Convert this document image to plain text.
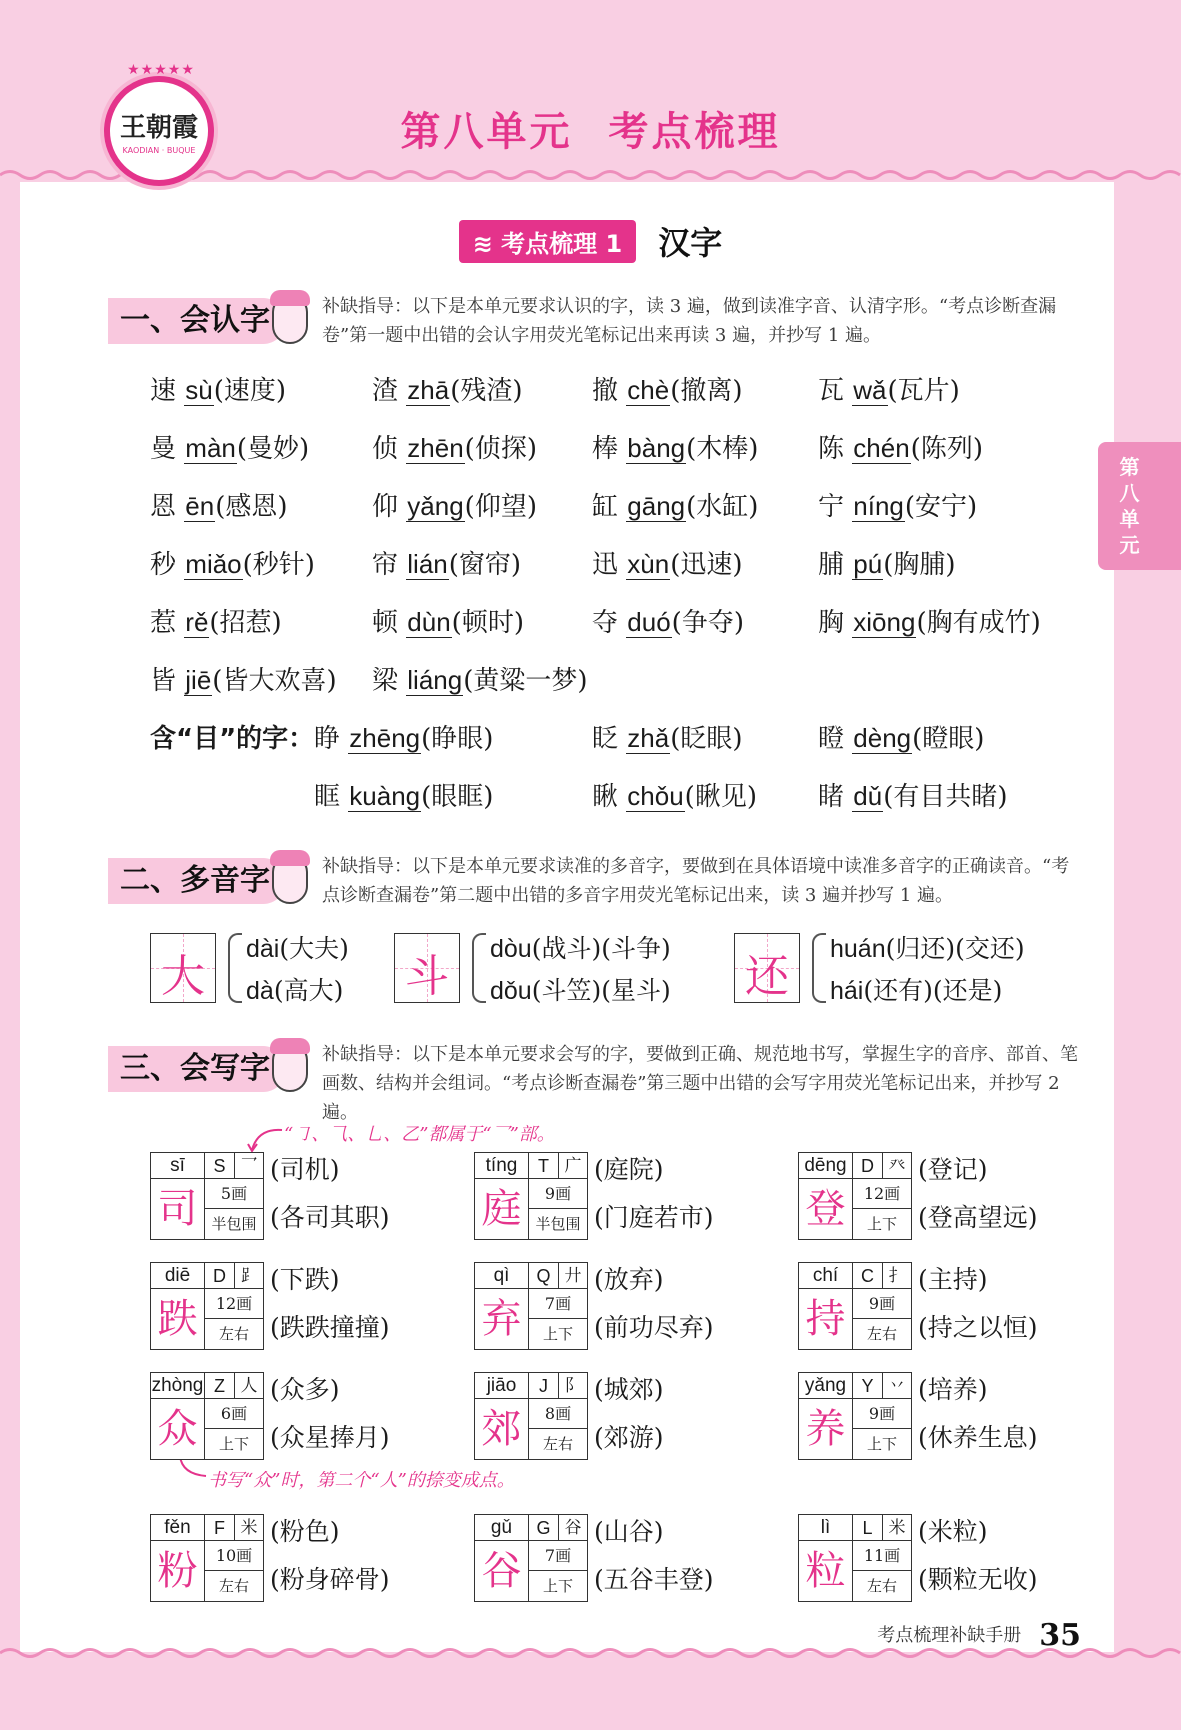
★★★★★
王朝霞
KAODIAN · BUQUE	第八单元 考点梳理
第
八
单
元
≋ 考点梳理 1 汉字
一、会认字	补缺指导：以下是本单元要求认识的字，读 3 遍，做到读准字音、认清字形。“考点诊断查漏卷”第一题中出错的会认字用荧光笔标记出来再读 3 遍，并抄写 1 遍。
速 sù(速度)	渣 zhā(残渣)	撤 chè(撤离)	瓦 wǎ(瓦片)
曼 màn(曼妙) 侦 zhēn(侦探) 棒 bàng(木棒) 陈 chén(陈列)
恩 ēn(感恩)	仰 yǎng(仰望) 缸 gāng(水缸) 宁 níng(安宁)
秒 miǎo(秒针) 帘 lián(窗帘)	迅 xùn(迅速)	脯 pú(胸脯)
惹 rě(招惹)	顿 dùn(顿时)	夺 duó(争夺)	胸 xiōng(胸有成竹)
皆 jiē(皆大欢喜) 梁 liáng(黄粱一梦)
含“目”的字： 睁 zhēng(睁眼)	眨 zhǎ(眨眼)	瞪 dèng(瞪眼)
眶 kuàng(眼眶)	瞅 chǒu(瞅见) 睹 dǔ(有目共睹)
二、多音字	补缺指导：以下是本单元要求读准的多音字，要做到在具体语境中读准多音字的正确读音。“考点诊断查漏卷”第二题中出错的多音字用荧光笔标记出来，读 3 遍并抄写 1 遍。
大
dài(大夫)
dà(高大) 斗
dòu(战斗)(斗争)
dǒu(斗笠)(星斗) 还
huán(归还)(交还)
hái(还有)(还是)
三、会写字	补缺指导：以下是本单元要求会写的字，要做到正确、规范地书写，掌握生字的音序、部首、笔画数、结构并会组词。“考点诊断查漏卷”第三题中出错的会写字用荧光笔标记出来，并抄写 2 遍。
“㇆、⺄、乚、乙”都属于“乛”部。
书写“众”时，第二个“人”的捺变成点。
sī	S 乛
司	5画
半包围
(司机)
(各司其职)
tíng	T 广
庭	9画
半包围
(庭院)
(门庭若市)
dēng D 癶
登	12画
上下
(登记)
(登高望远)
diē	D ⻊
跌	12画
左右
(下跌)
(跌跌撞撞)
qì	Q 廾
弃	7画
上下
(放弃)
(前功尽弃)
chí	C 扌
持	9画
左右
(主持)
(持之以恒)
zhòng Z 人
众	6画
上下
(众多)
(众星捧月)
jiāo	J 阝
郊	8画
左右
(城郊)
(郊游)
yǎng Y 丷
养	9画
上下
(培养)
(休养生息)
fěn	F 米
粉	10画
左右
(粉色)
(粉身碎骨)
gǔ	G 谷
谷	7画
上下
(山谷)
(五谷丰登)
lì	L 米
粒	11画
左右
(米粒)
(颗粒无收)
考点梳理补缺手册 35
